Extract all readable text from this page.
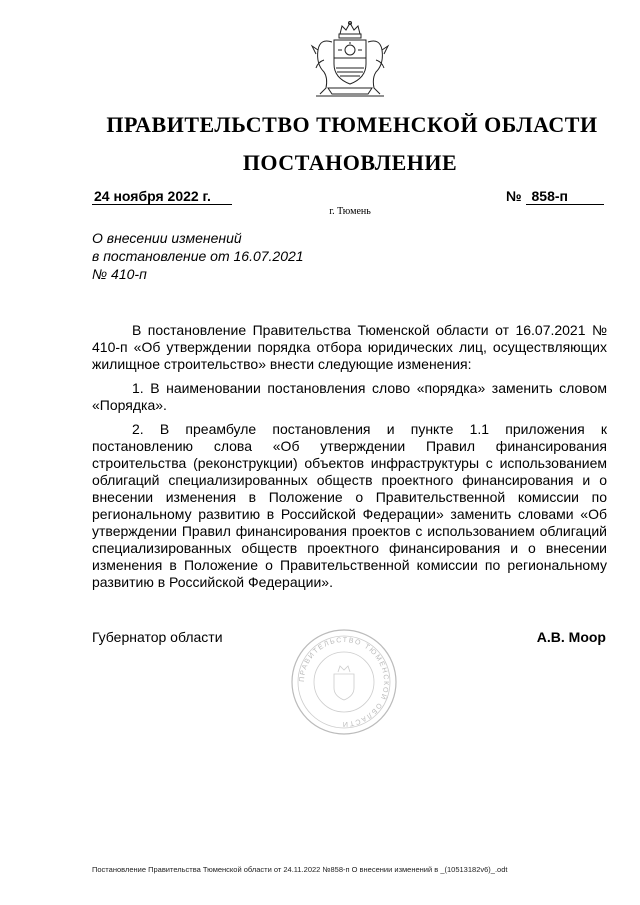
ПРАВИТЕЛЬСТВО ТЮМЕНСКОЙ ОБЛАСТИ
ПОСТАНОВЛЕНИЕ
24 ноября 2022 г.	№ 858-п
г. Тюмень
О внесении изменений
в постановление от 16.07.2021
№ 410-п

В постановление Правительства Тюменской области от 16.07.2021 № 410-п «Об утверждении порядка отбора юридических лиц, осуществляющих жилищное строительство» внести следующие изменения:

1. В наименовании постановления слово «порядка» заменить словом «Порядка».

2. В преамбуле постановления и пункте 1.1 приложения к постановлению слова «Об утверждении Правил финансирования строительства (реконструкции) объектов инфраструктуры с использованием облигаций специализированных обществ проектного финансирования и о внесении изменения в Положение о Правительственной комиссии по региональному развитию в Российской Федерации» заменить словами «Об утверждении Правил финансирования проектов с использованием облигаций специализированных обществ проектного финансирования и о внесении изменения в Положение о Правительственной комиссии по региональному развитию в Российской Федерации».

Губернатор области
ПРАВИТЕЛЬСТВО ТЮМЕНСКОЙ ОБЛАСТИ
А.В. Моор
Постановление Правительства Тюменской области от 24.11.2022 №858-п О внесении изменений в _(10513182v6)_.odt
